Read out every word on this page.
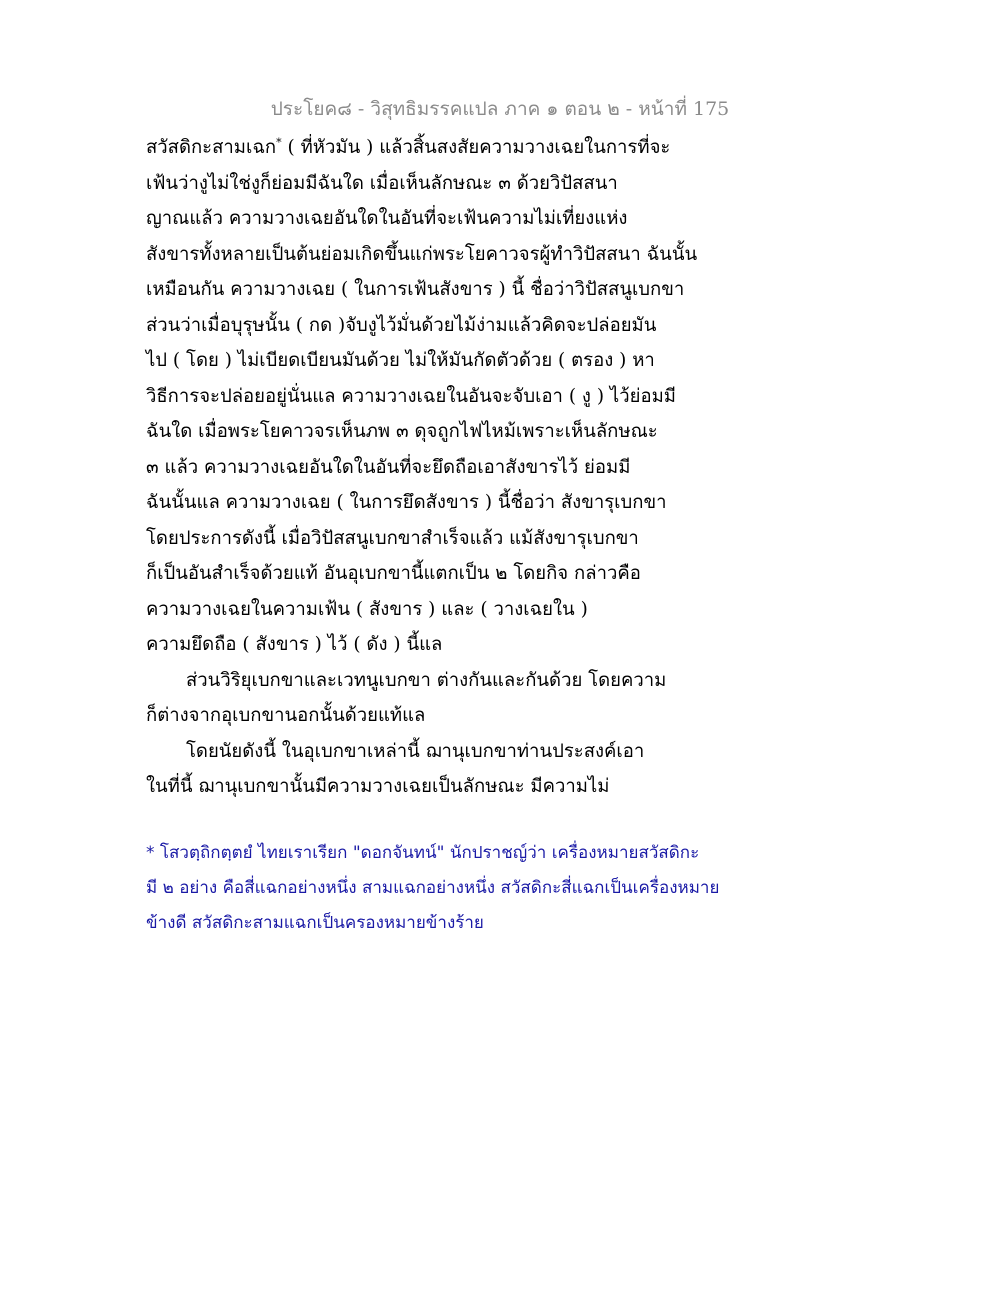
ประโยค๘ - วิสุทธิมรรคแปล ภาค ๑ ตอน ๒ - หน้าที่ 175
สวัสดิกะสามเฉก* ( ที่หัวมัน ) แล้วสิ้นสงสัยความวางเฉยในการที่จะ
เฟ้นว่างูไม่ใช่งูก็ย่อมมีฉันใด เมื่อเห็นลักษณะ ๓ ด้วยวิปัสสนา
ญาณแล้ว ความวางเฉยอันใดในอันที่จะเฟ้นความไม่เที่ยงแห่ง
สังขารทั้งหลายเป็นต้นย่อมเกิดขึ้นแก่พระโยคาวจรผู้ทำวิปัสสนา ฉันนั้น
เหมือนกัน ความวางเฉย ( ในการเฟ้นสังขาร ) นี้ ชื่อว่าวิปัสสนูเบกขา
ส่วนว่าเมื่อบุรุษนั้น ( กด )จับงูไว้มั่นด้วยไม้ง่ามแล้วคิดจะปล่อยมัน
ไป ( โดย ) ไม่เบียดเบียนมันด้วย ไม่ให้มันกัดตัวด้วย ( ตรอง ) หา
วิธีการจะปล่อยอยู่นั่นแล ความวางเฉยในอันจะจับเอา ( งู ) ไว้ย่อมมี
ฉันใด เมื่อพระโยคาวจรเห็นภพ ๓ ดุจถูกไฟไหม้เพราะเห็นลักษณะ
๓ แล้ว ความวางเฉยอันใดในอันที่จะยึดถือเอาสังขารไว้ ย่อมมี
ฉันนั้นแล ความวางเฉย ( ในการยึดสังขาร ) นี้ชื่อว่า สังขารุเบกขา
โดยประการดังนี้ เมื่อวิปัสสนูเบกขาสำเร็จแล้ว แม้สังขารุเบกขา
ก็เป็นอันสำเร็จด้วยแท้ อันอุเบกขานี้แตกเป็น ๒ โดยกิจ กล่าวคือ
ความวางเฉยในความเฟ้น ( สังขาร ) และ ( วางเฉยใน )
ความยึดถือ ( สังขาร ) ไว้ ( ดัง ) นี้แล
ส่วนวิริยุเบกขาและเวทนูเบกขา ต่างกันและกันด้วย โดยความ
ก็ต่างจากอุเบกขานอกนั้นด้วยแท้แล
โดยนัยดังนี้ ในอุเบกขาเหล่านี้ ฌานุเบกขาท่านประสงค์เอา
ในที่นี้ ฌานุเบกขานั้นมีความวางเฉยเป็นลักษณะ มีความไม่
* โสวตฺถิกตฺตยํ ไทยเราเรียก "ดอกจันทน์" นักปราชญ์ว่า เครื่องหมายสวัสดิกะ
มี ๒ อย่าง คือสี่แฉกอย่างหนึ่ง สามแฉกอย่างหนึ่ง สวัสดิกะสี่แฉกเป็นเครื่องหมาย
ข้างดี สวัสดิกะสามแฉกเป็นครองหมายข้างร้าย
